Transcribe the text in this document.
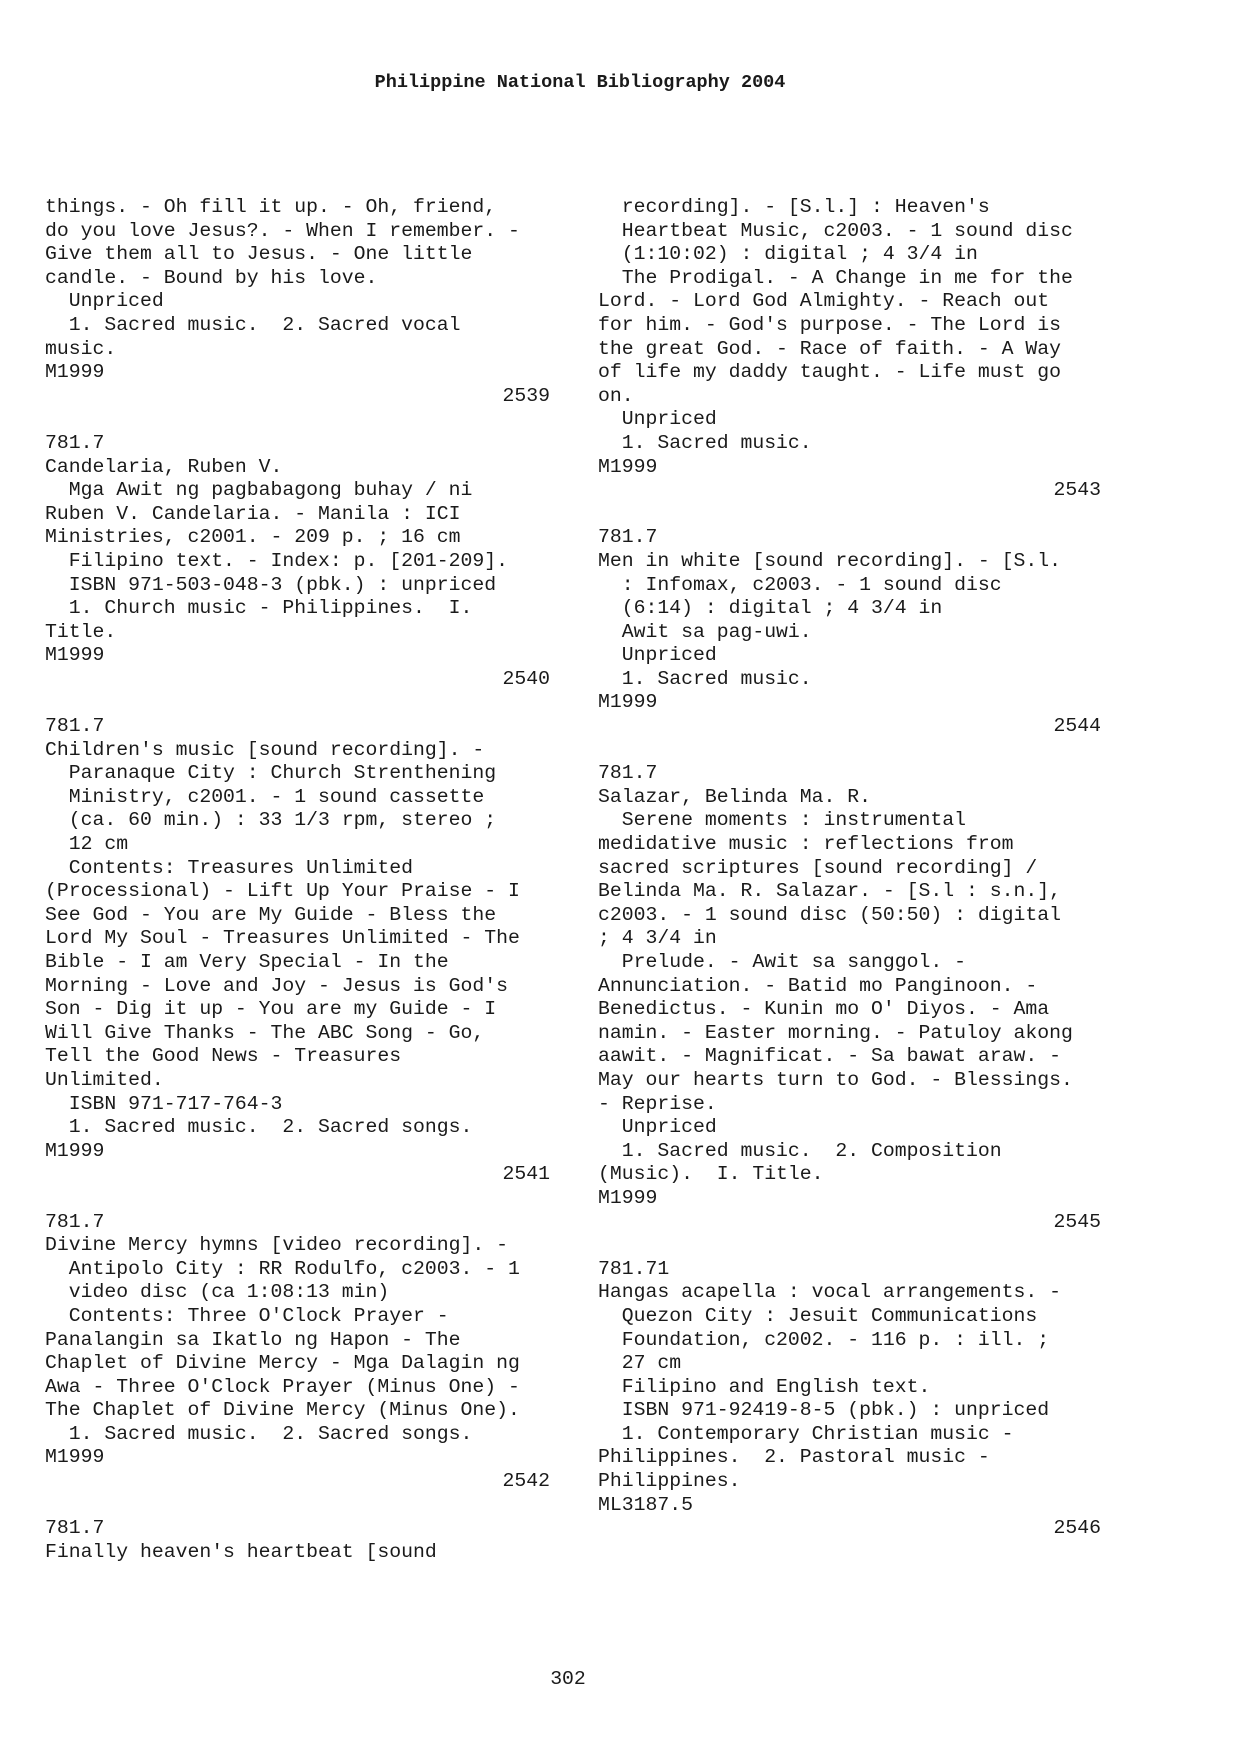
Philippine National Bibliography 2004
things. - Oh fill it up. - Oh, friend,
do you love Jesus?. - When I remember. -
Give them all to Jesus. - One little
candle. - Bound by his love.
Unpriced
1. Sacred music.  2. Sacred vocal
music.
M1999
2539
781.7
Candelaria, Ruben V.
Mga Awit ng pagbabagong buhay / ni
Ruben V. Candelaria. - Manila : ICI
Ministries, c2001. - 209 p. ; 16 cm
Filipino text. - Index: p. [201-209].
ISBN 971-503-048-3 (pbk.) : unpriced
1. Church music - Philippines.  I.
Title.
M1999
2540
781.7
Children's music [sound recording]. -
Paranaque City : Church Strenthening
Ministry, c2001. - 1 sound cassette
(ca. 60 min.) : 33 1/3 rpm, stereo ;
12 cm
Contents: Treasures Unlimited
(Processional) - Lift Up Your Praise - I
See God - You are My Guide - Bless the
Lord My Soul - Treasures Unlimited - The
Bible - I am Very Special - In the
Morning - Love and Joy - Jesus is God's
Son - Dig it up - You are my Guide - I
Will Give Thanks - The ABC Song - Go,
Tell the Good News - Treasures
Unlimited.
ISBN 971-717-764-3
1. Sacred music.  2. Sacred songs.
M1999
2541
781.7
Divine Mercy hymns [video recording]. -
Antipolo City : RR Rodulfo, c2003. - 1
video disc (ca 1:08:13 min)
Contents: Three O'Clock Prayer -
Panalangin sa Ikatlo ng Hapon - The
Chaplet of Divine Mercy - Mga Dalagin ng
Awa - Three O'Clock Prayer (Minus One) -
The Chaplet of Divine Mercy (Minus One).
1. Sacred music.  2. Sacred songs.
M1999
2542
781.7
Finally heaven's heartbeat [sound
recording]. - [S.l.] : Heaven's
Heartbeat Music, c2003. - 1 sound disc
(1:10:02) : digital ; 4 3/4 in
The Prodigal. - A Change in me for the
Lord. - Lord God Almighty. - Reach out
for him. - God's purpose. - The Lord is
the great God. - Race of faith. - A Way
of life my daddy taught. - Life must go
on.
Unpriced
1. Sacred music.
M1999
2543
781.7
Men in white [sound recording]. - [S.l.
: Infomax, c2003. - 1 sound disc
(6:14) : digital ; 4 3/4 in
Awit sa pag-uwi.
Unpriced
1. Sacred music.
M1999
2544
781.7
Salazar, Belinda Ma. R.
Serene moments : instrumental
medidative music : reflections from
sacred scriptures [sound recording] /
Belinda Ma. R. Salazar. - [S.l : s.n.],
c2003. - 1 sound disc (50:50) : digital
; 4 3/4 in
Prelude. - Awit sa sanggol. -
Annunciation. - Batid mo Panginoon. -
Benedictus. - Kunin mo O' Diyos. - Ama
namin. - Easter morning. - Patuloy akong
aawit. - Magnificat. - Sa bawat araw. -
May our hearts turn to God. - Blessings.
- Reprise.
Unpriced
1. Sacred music.  2. Composition
(Music).  I. Title.
M1999
2545
781.71
Hangas acapella : vocal arrangements. -
Quezon City : Jesuit Communications
Foundation, c2002. - 116 p. : ill. ;
27 cm
Filipino and English text.
ISBN 971-92419-8-5 (pbk.) : unpriced
1. Contemporary Christian music -
Philippines.  2. Pastoral music -
Philippines.
ML3187.5
2546
302
